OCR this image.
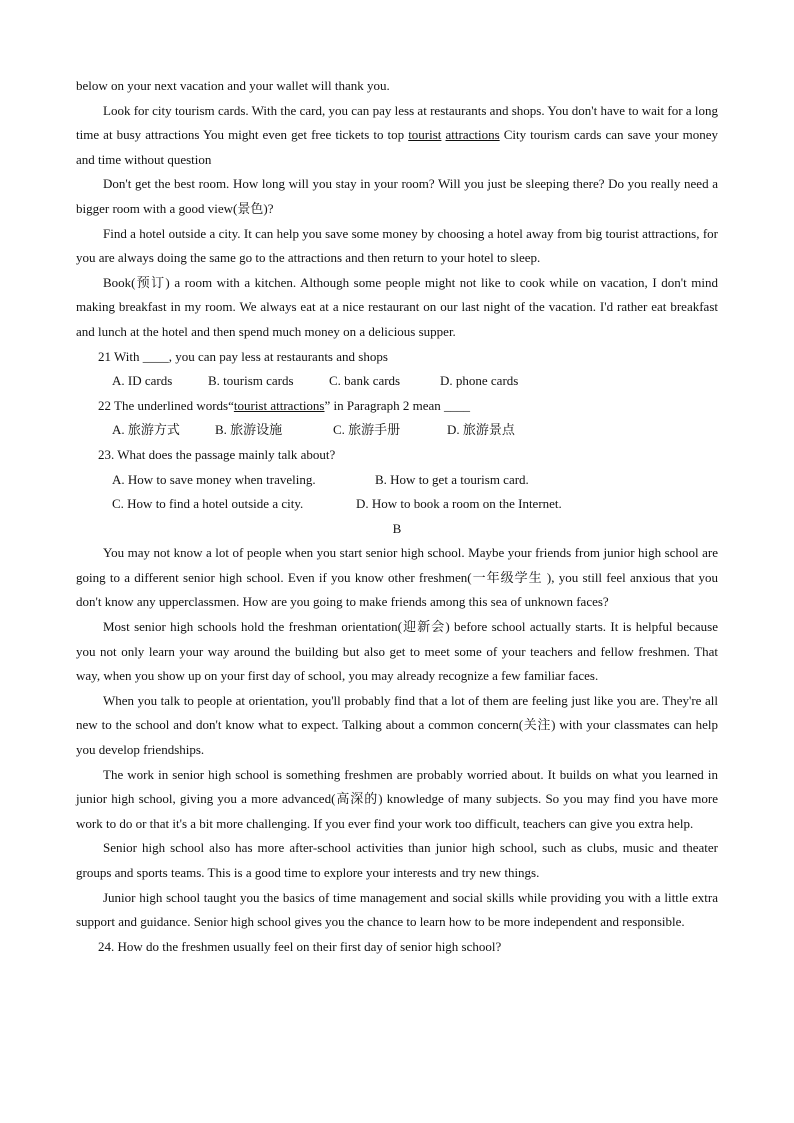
below on your next vacation and your wallet will thank you.

Look for city tourism cards. With the card, you can pay less at restaurants and shops. You don't have to wait for a long time at busy attractions You might even get free tickets to top tourist attractions City tourism cards can save your money and time without question

Don't get the best room. How long will you stay in your room? Will you just be sleeping there? Do you really need a bigger room with a good view(景色)?

Find a hotel outside a city. It can help you save some money by choosing a hotel away from big tourist attractions, for you are always doing the same go to the attractions and then return to your hotel to sleep.

Book(预订) a room with a kitchen. Although some people might not like to cook while on vacation, I don't mind making breakfast in my room. We always eat at a nice restaurant on our last night of the vacation. I'd rather eat breakfast and lunch at the hotel and then spend much money on a delicious supper.

21 With ____, you can pay less at restaurants and shops

A. ID cards	B. tourism cards	C. bank cards	D. phone cards

22 The underlined words“tourist attractions” in Paragraph 2 mean ____

A. 旅游方式	B. 旅游设施	C. 旅游手册	D. 旅游景点

23. What does the passage mainly talk about?

A. How to save money when traveling.	B. How to get a tourism card.
C. How to find a hotel outside a city.	D. How to book a room on the Internet.

B

You may not know a lot of people when you start senior high school. Maybe your friends from junior high school are going to a different senior high school. Even if you know other freshmen(一年级学生 ), you still feel anxious that you don't know any upperclassmen. How are you going to make friends among this sea of unknown faces?

Most senior high schools hold the freshman orientation(迎新会) before school actually starts. It is helpful because you not only learn your way around the building but also get to meet some of your teachers and fellow freshmen. That way, when you show up on your first day of school, you may already recognize a few familiar faces.

When you talk to people at orientation, you'll probably find that a lot of them are feeling just like you are. They're all new to the school and don't know what to expect. Talking about a common concern(关注) with your classmates can help you develop friendships.

The work in senior high school is something freshmen are probably worried about. It builds on what you learned in junior high school, giving you a more advanced(高深的) knowledge of many subjects. So you may find you have more work to do or that it's a bit more challenging. If you ever find your work too difficult, teachers can give you extra help.

Senior high school also has more after-school activities than junior high school, such as clubs, music and theater groups and sports teams. This is a good time to explore your interests and try new things.

Junior high school taught you the basics of time management and social skills while providing you with a little extra support and guidance. Senior high school gives you the chance to learn how to be more independent and responsible.

24. How do the freshmen usually feel on their first day of senior high school?
